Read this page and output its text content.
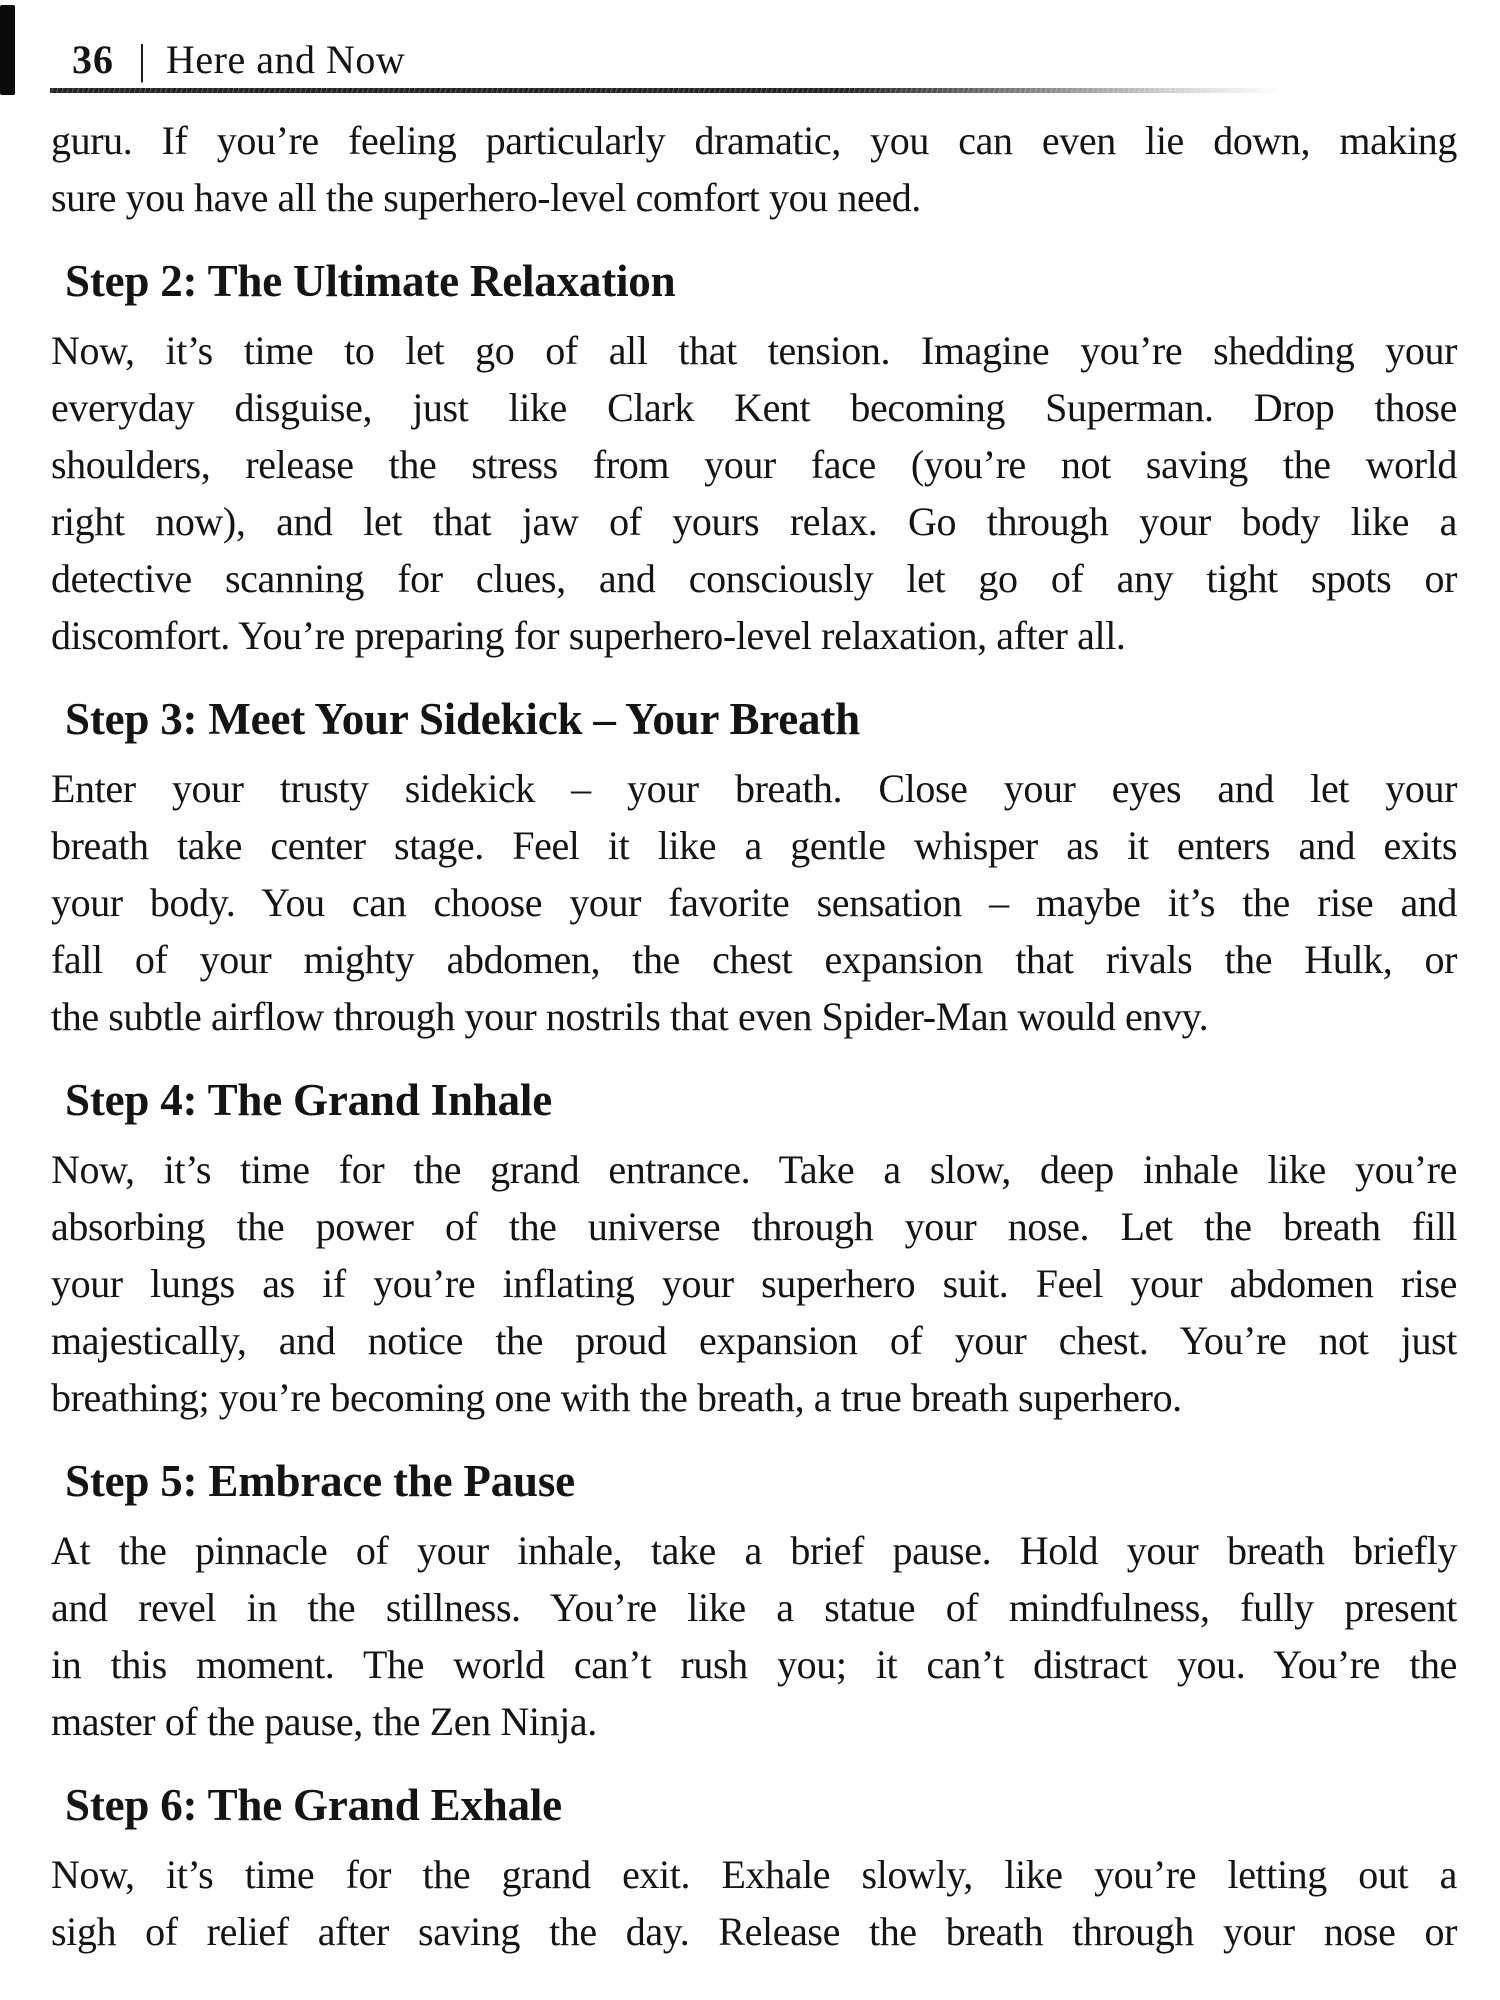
36 | Here and Now
guru. If you’re feeling particularly dramatic, you can even lie down, making
sure you have all the superhero-level comfort you need.
Step 2: The Ultimate Relaxation
Now, it’s time to let go of all that tension. Imagine you’re shedding your
everyday disguise, just like Clark Kent becoming Superman. Drop those
shoulders, release the stress from your face (you’re not saving the world
right now), and let that jaw of yours relax. Go through your body like a
detective scanning for clues, and consciously let go of any tight spots or
discomfort. You’re preparing for superhero-level relaxation, after all.
Step 3: Meet Your Sidekick – Your Breath
Enter your trusty sidekick – your breath. Close your eyes and let your
breath take center stage. Feel it like a gentle whisper as it enters and exits
your body. You can choose your favorite sensation – maybe it’s the rise and
fall of your mighty abdomen, the chest expansion that rivals the Hulk, or
the subtle airflow through your nostrils that even Spider-Man would envy.
Step 4: The Grand Inhale
Now, it’s time for the grand entrance. Take a slow, deep inhale like you’re
absorbing the power of the universe through your nose. Let the breath fill
your lungs as if you’re inflating your superhero suit. Feel your abdomen rise
majestically, and notice the proud expansion of your chest. You’re not just
breathing; you’re becoming one with the breath, a true breath superhero.
Step 5: Embrace the Pause
At the pinnacle of your inhale, take a brief pause. Hold your breath briefly
and revel in the stillness. You’re like a statue of mindfulness, fully present
in this moment. The world can’t rush you; it can’t distract you. You’re the
master of the pause, the Zen Ninja.
Step 6: The Grand Exhale
Now, it’s time for the grand exit. Exhale slowly, like you’re letting out a
sigh of relief after saving the day. Release the breath through your nose or
